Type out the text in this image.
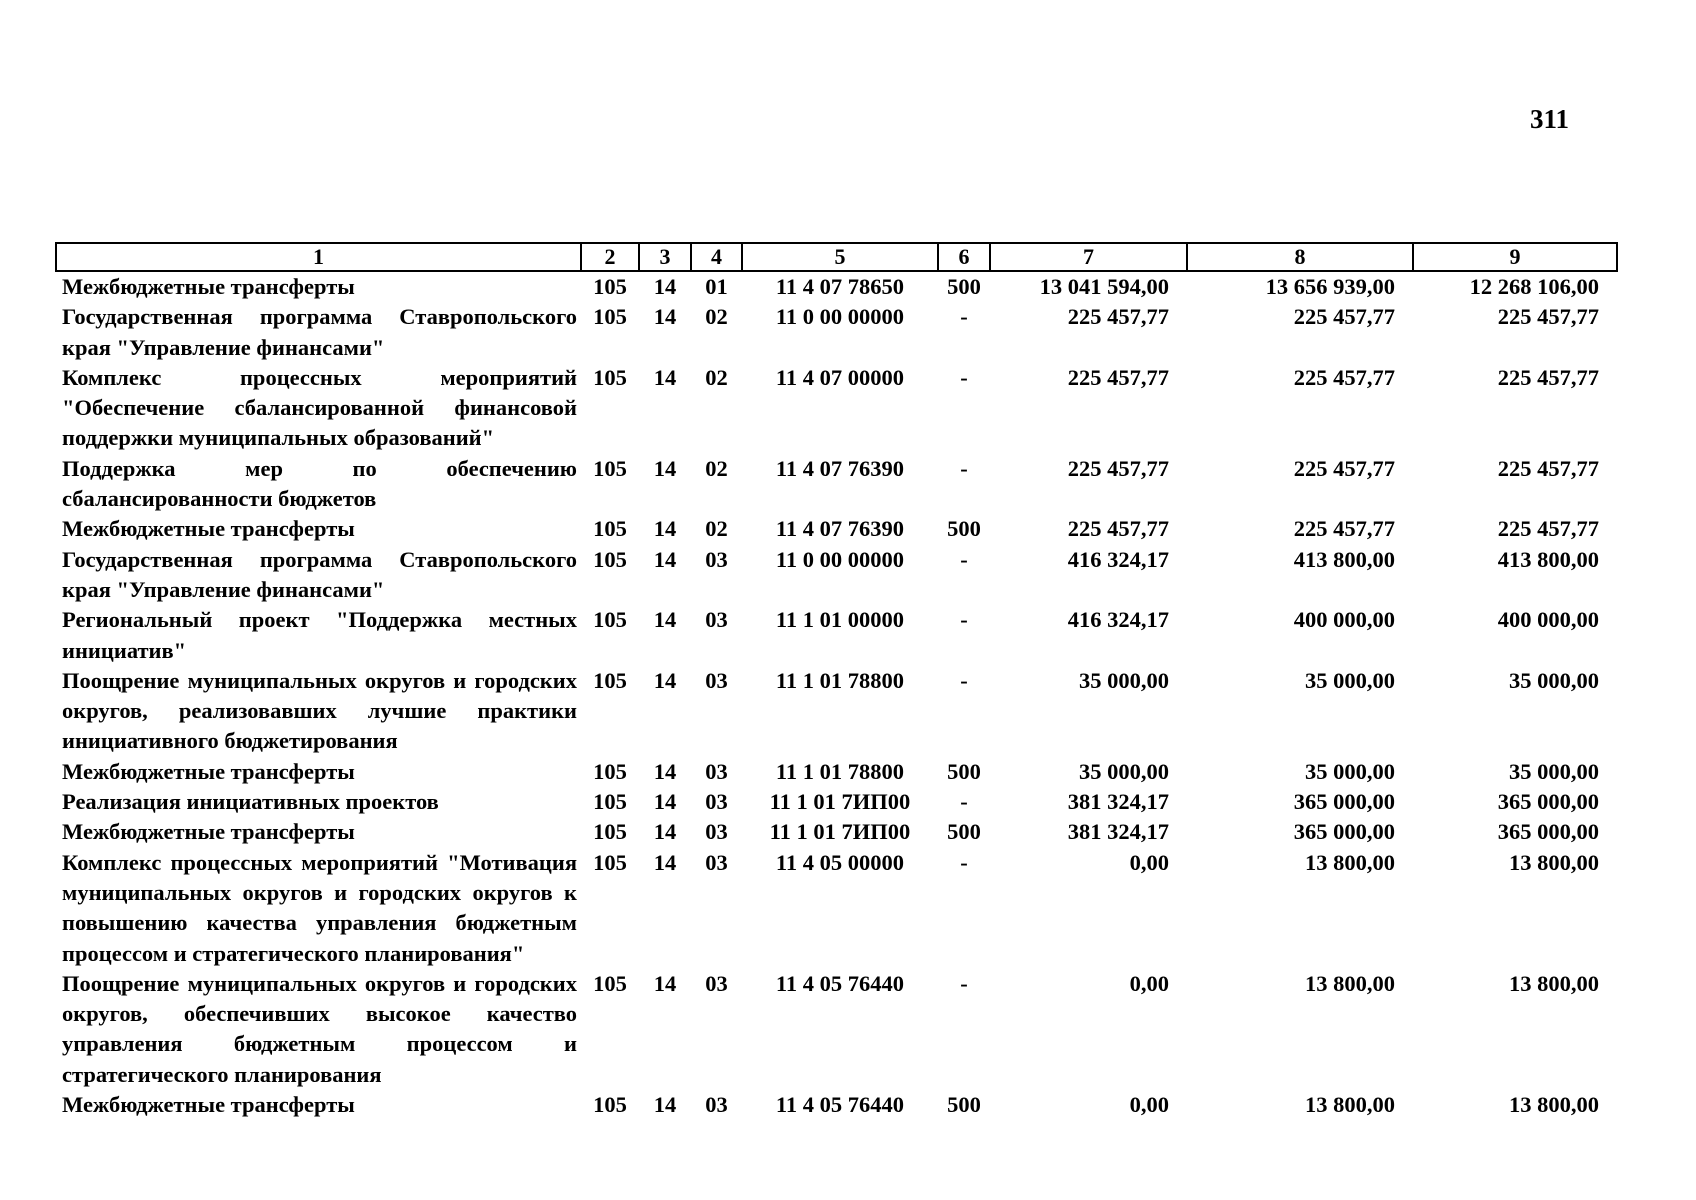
311
1	2	3	4	5	6	7	8	9
Межбюджетные трансферты	105	14	01	11 4 07 78650	500	13 041 594,00	13 656 939,00	12 268 106,00
Государственная программа Ставропольского края "Управление финансами"	105	14	02	11 0 00 00000	-	225 457,77	225 457,77	225 457,77
Комплекс процессных мероприятий "Обеспечение сбалансированной финансовой поддержки муниципальных образований"	105	14	02	11 4 07 00000	-	225 457,77	225 457,77	225 457,77
Поддержка мер по обеспечению сбалансированности бюджетов	105	14	02	11 4 07 76390	-	225 457,77	225 457,77	225 457,77
Межбюджетные трансферты	105	14	02	11 4 07 76390	500	225 457,77	225 457,77	225 457,77
Государственная программа Ставропольского края "Управление финансами"	105	14	03	11 0 00 00000	-	416 324,17	413 800,00	413 800,00
Региональный проект "Поддержка местных инициатив"	105	14	03	11 1 01 00000	-	416 324,17	400 000,00	400 000,00
Поощрение муниципальных округов и городских округов, реализовавших лучшие практики инициативного бюджетирования	105	14	03	11 1 01 78800	-	35 000,00	35 000,00	35 000,00
Межбюджетные трансферты	105	14	03	11 1 01 78800	500	35 000,00	35 000,00	35 000,00
Реализация инициативных проектов	105	14	03	11 1 01 7ИП00	-	381 324,17	365 000,00	365 000,00
Межбюджетные трансферты	105	14	03	11 1 01 7ИП00	500	381 324,17	365 000,00	365 000,00
Комплекс процессных мероприятий "Мотивация муниципальных округов и городских округов к повышению качества управления бюджетным процессом и стратегического планирования"	105	14	03	11 4 05 00000	-	0,00	13 800,00	13 800,00
Поощрение муниципальных округов и городских округов, обеспечивших высокое качество управления бюджетным процессом и стратегического планирования	105	14	03	11 4 05 76440	-	0,00	13 800,00	13 800,00
Межбюджетные трансферты	105	14	03	11 4 05 76440	500	0,00	13 800,00	13 800,00
